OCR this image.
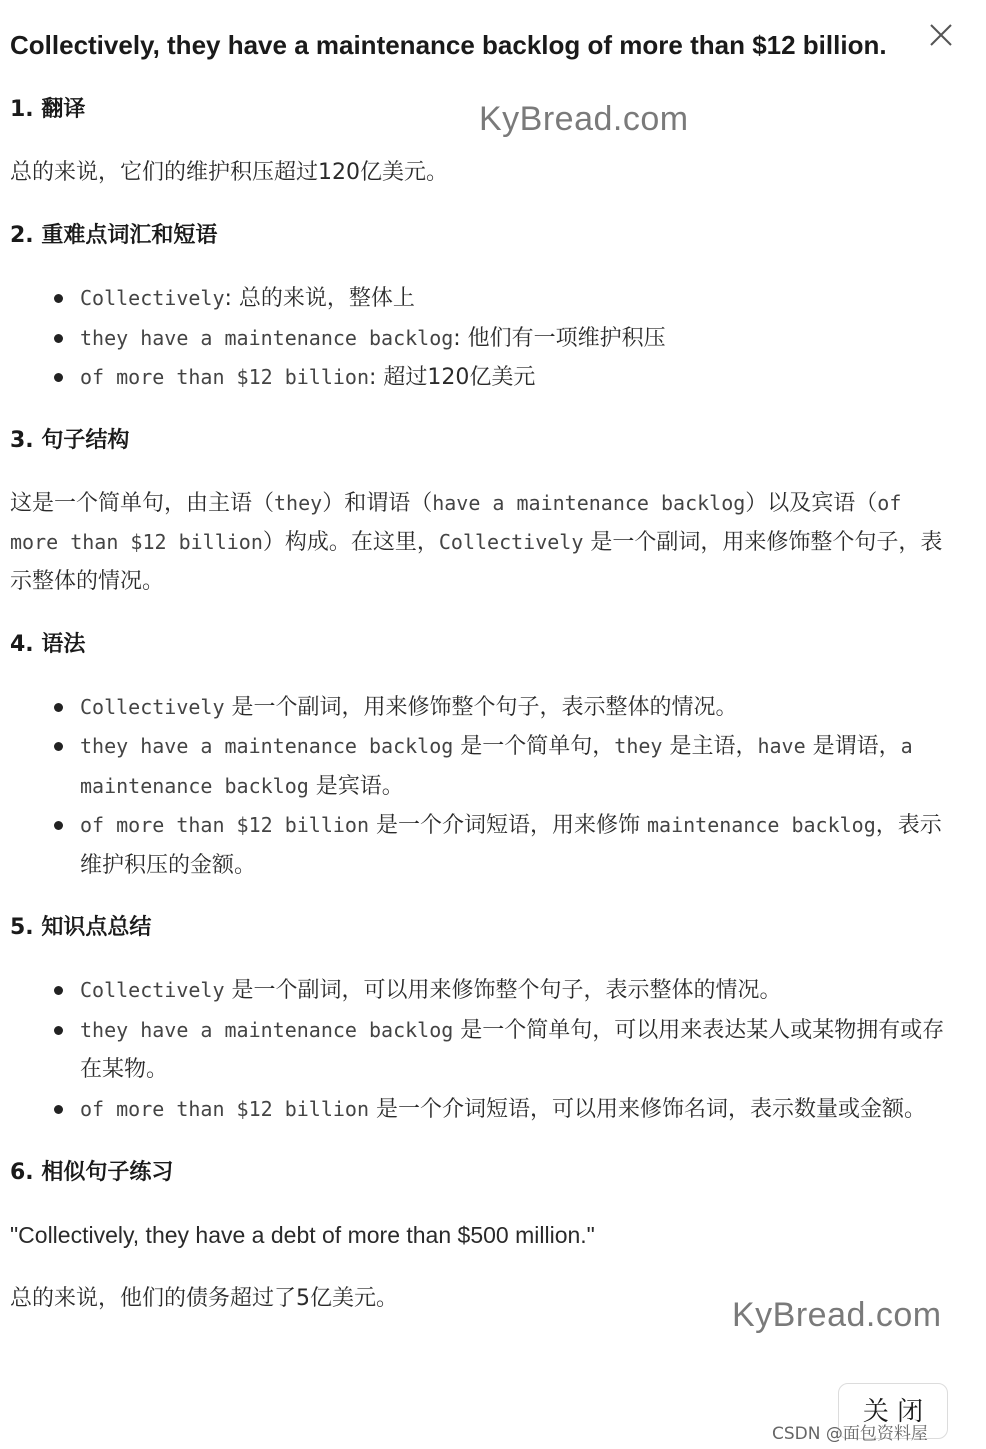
Collectively, they have a maintenance backlog of more than $12 billion.
KyBread.com
1. 翻译
总的来说，它们的维护积压超过120亿美元。
2. 重难点词汇和短语
Collectively: 总的来说，整体上
they have a maintenance backlog: 他们有一项维护积压
of more than $12 billion: 超过120亿美元
3. 句子结构
这是一个简单句，由主语（they）和谓语（have a maintenance backlog）以及宾语（of more than $12 billion）构成。在这里，Collectively 是一个副词，用来修饰整个句子，表示整体的情况。
4. 语法
Collectively 是一个副词，用来修饰整个句子，表示整体的情况。
they have a maintenance backlog 是一个简单句，they 是主语，have 是谓语，a maintenance backlog 是宾语。
of more than $12 billion 是一个介词短语，用来修饰 maintenance backlog，表示维护积压的金额。
5. 知识点总结
Collectively 是一个副词，可以用来修饰整个句子，表示整体的情况。
they have a maintenance backlog 是一个简单句，可以用来表达某人或某物拥有或存在某物。
of more than $12 billion 是一个介词短语，可以用来修饰名词，表示数量或金额。
6. 相似句子练习
"Collectively, they have a debt of more than $500 million."
总的来说，他们的债务超过了5亿美元。	KyBread.com
关 闭
CSDN @面包资料屋
